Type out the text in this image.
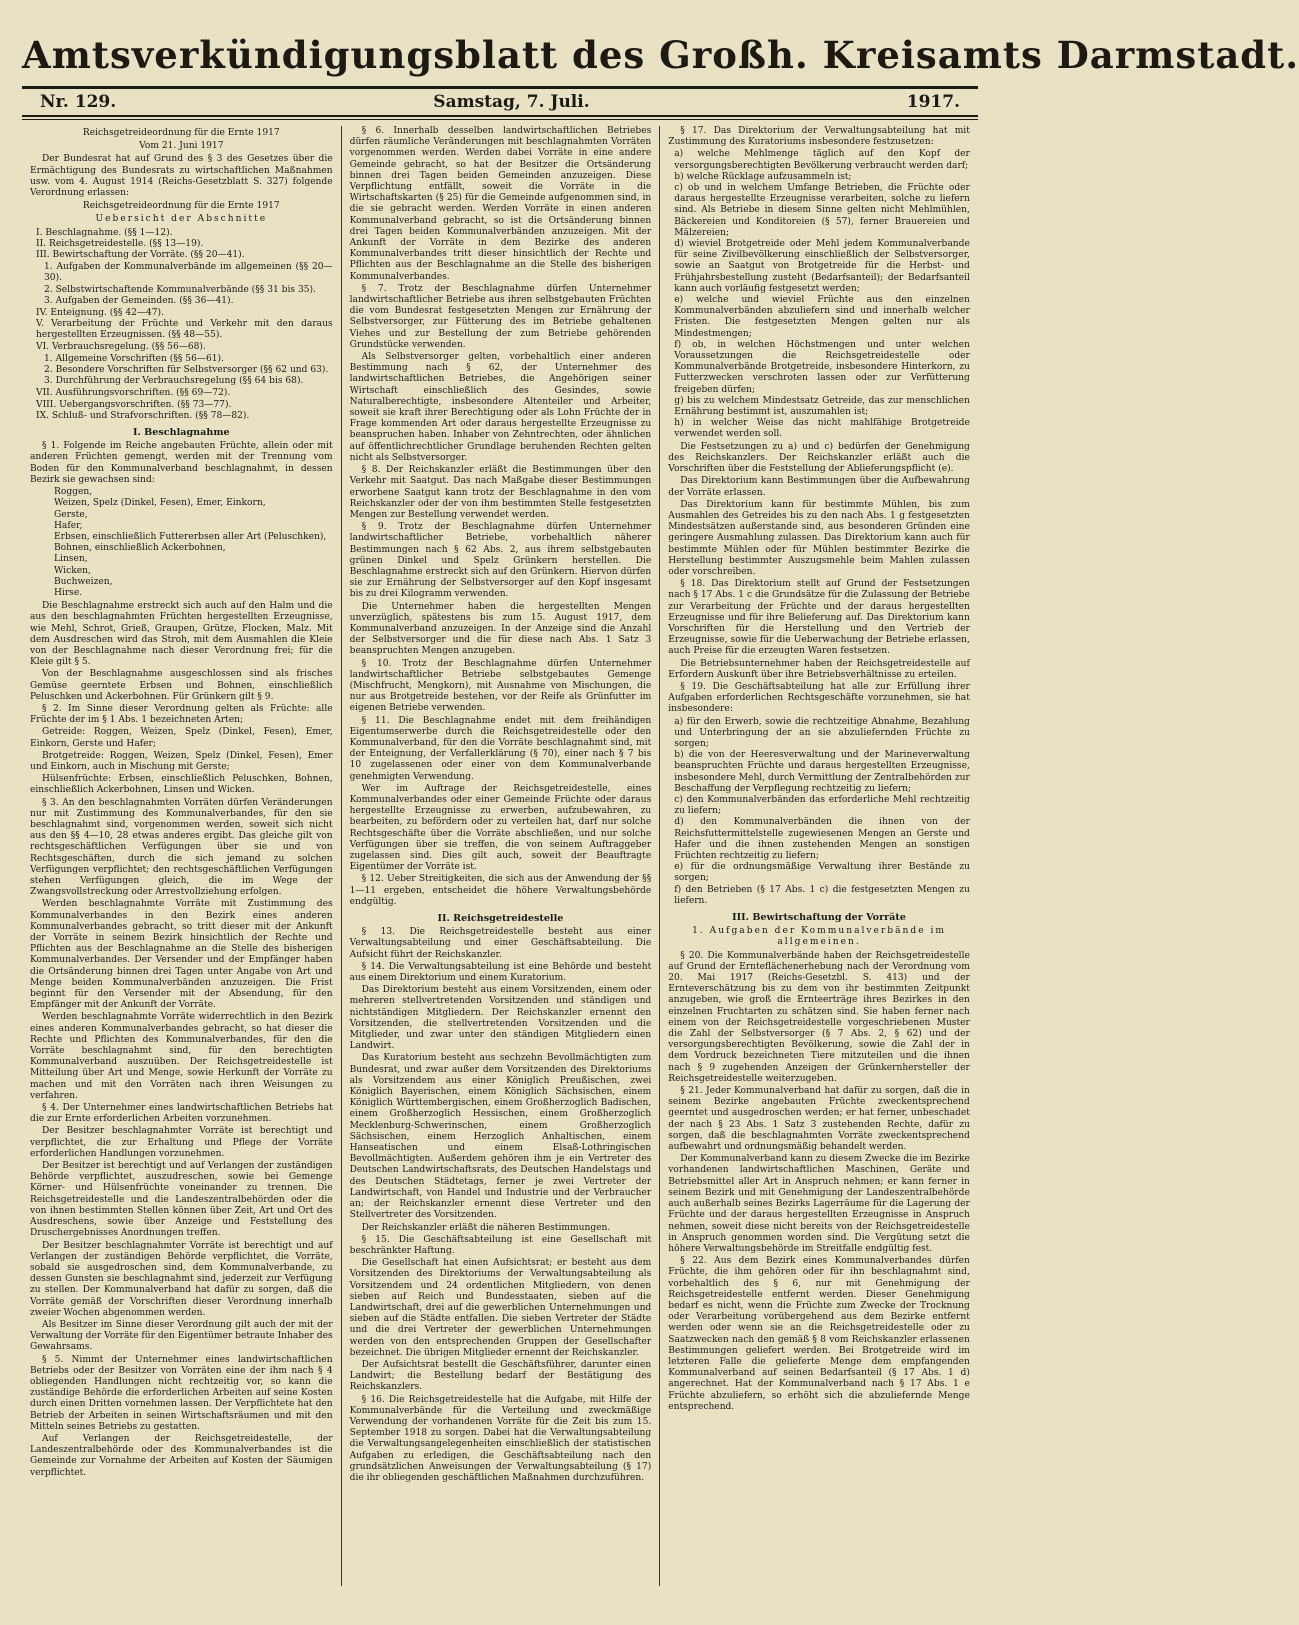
Amtsverkündigungsblatt des Großh. Kreisamts Darmstadt.
Nr. 129.	Samstag, 7. Juli.	1917.

Reichsgetreideordnung für die Ernte 1917

Vom 21. Juni 1917

Der Bundesrat hat auf Grund des § 3 des Gesetzes über die Ermächtigung des Bundesrats zu wirtschaftlichen Maßnahmen usw. vom 4. August 1914 (Reichs-Gesetzblatt S. 327) folgende Verordnung erlassen:

Reichsgetreideordnung für die Ernte 1917

Uebersicht der Abschnitte

I. Beschlagnahme. (§§ 1—12).
II. Reichsgetreidestelle. (§§ 13—19).
III. Bewirtschaftung der Vorräte. (§§ 20—41).
1. Aufgaben der Kommunalverbände im allgemeinen (§§ 20—30).
2. Selbstwirtschaftende Kommunalverbände (§§ 31 bis 35).
3. Aufgaben der Gemeinden. (§§ 36—41).
IV. Enteignung. (§§ 42—47).
V. Verarbeitung der Früchte und Verkehr mit den daraus hergestellten Erzeugnissen. (§§ 48—55).
VI. Verbrauchsregelung. (§§ 56—68).
1. Allgemeine Vorschriften (§§ 56—61).
2. Besondere Vorschriften für Selbstversorger (§§ 62 und 63).
3. Durchführung der Verbrauchsregelung (§§ 64 bis 68).
VII. Ausführungsvorschriften. (§§ 69—72).
VIII. Uebergangsvorschriften. (§§ 73—77).
IX. Schluß- und Strafvorschriften. (§§ 78—82).

I. Beschlagnahme

§ 1. Folgende im Reiche angebauten Früchte, allein oder mit anderen Früchten gemengt, werden mit der Trennung vom Boden für den Kommunalverband beschlagnahmt, in dessen Bezirk sie gewachsen sind:

Roggen,
Weizen, Spelz (Dinkel, Fesen), Emer, Einkorn,
Gerste,
Hafer,
Erbsen, einschließlich Futtererbsen aller Art (Peluschken),
Bohnen, einschließlich Ackerbohnen,
Linsen,
Wicken,
Buchweizen,
Hirse.

Die Beschlagnahme erstreckt sich auch auf den Halm und die aus den beschlagnahmten Früchten hergestellten Erzeugnisse, wie Mehl, Schrot, Grieß, Graupen, Grütze, Flocken, Malz. Mit dem Ausdreschen wird das Stroh, mit dem Ausmahlen die Kleie von der Beschlagnahme nach dieser Verordnung frei; für die Kleie gilt § 5.

Von der Beschlagnahme ausgeschlossen sind als frisches Gemüse geerntete Erbsen und Bohnen, einschließlich Peluschken und Ackerbohnen. Für Grünkern gilt § 9.

§ 2. Im Sinne dieser Verordnung gelten als Früchte: alle Früchte der im § 1 Abs. 1 bezeichneten Arten;

Getreide: Roggen, Weizen, Spelz (Dinkel, Fesen), Emer, Einkorn, Gerste und Hafer;

Brotgetreide: Roggen, Weizen, Spelz (Dinkel, Fesen), Emer und Einkorn, auch in Mischung mit Gerste;

Hülsenfrüchte: Erbsen, einschließlich Peluschken, Bohnen, einschließlich Ackerbohnen, Linsen und Wicken.

§ 3. An den beschlagnahmten Vorräten dürfen Veränderungen nur mit Zustimmung des Kommunalverbandes, für den sie beschlagnahmt sind, vorgenommen werden, soweit sich nicht aus den §§ 4—10, 28 etwas anderes ergibt. Das gleiche gilt von rechtsgeschäftlichen Verfügungen über sie und von Rechtsgeschäften, durch die sich jemand zu solchen Verfügungen verpflichtet; den rechtsgeschäftlichen Verfügungen stehen Verfügungen gleich, die im Wege der Zwangsvollstreckung oder Arrestvollziehung erfolgen.

Werden beschlagnahmte Vorräte mit Zustimmung des Kommunalverbandes in den Bezirk eines anderen Kommunalverbandes gebracht, so tritt dieser mit der Ankunft der Vorräte in seinem Bezirk hinsichtlich der Rechte und Pflichten aus der Beschlagnahme an die Stelle des bisherigen Kommunalverbandes. Der Versender und der Empfänger haben die Ortsänderung binnen drei Tagen unter Angabe von Art und Menge beiden Kommunalverbänden anzuzeigen. Die Frist beginnt für den Versender mit der Absendung, für den Empfänger mit der Ankunft der Vorräte.

Werden beschlagnahmte Vorräte widerrechtlich in den Bezirk eines anderen Kommunalverbandes gebracht, so hat dieser die Rechte und Pflichten des Kommunalverbandes, für den die Vorräte beschlagnahmt sind, für den berechtigten Kommunalverband auszuüben. Der Reichsgetreidestelle ist Mitteilung über Art und Menge, sowie Herkunft der Vorräte zu machen und mit den Vorräten nach ihren Weisungen zu verfahren.

§ 4. Der Unternehmer eines landwirtschaftlichen Betriebs hat die zur Ernte erforderlichen Arbeiten vorzunehmen.

Der Besitzer beschlagnahmter Vorräte ist berechtigt und verpflichtet, die zur Erhaltung und Pflege der Vorräte erforderlichen Handlungen vorzunehmen.

Der Besitzer ist berechtigt und auf Verlangen der zuständigen Behörde verpflichtet, auszudreschen, sowie bei Gemenge Körner- und Hülsenfrüchte voneinander zu trennen. Die Reichsgetreidestelle und die Landeszentralbehörden oder die von ihnen bestimmten Stellen können über Zeit, Art und Ort des Ausdreschens, sowie über Anzeige und Feststellung des Druschergebnisses Anordnungen treffen.

Der Besitzer beschlagnahmter Vorräte ist berechtigt und auf Verlangen der zuständigen Behörde verpflichtet, die Vorräte, sobald sie ausgedroschen sind, dem Kommunalverbande, zu dessen Gunsten sie beschlagnahmt sind, jederzeit zur Verfügung zu stellen. Der Kommunalverband hat dafür zu sorgen, daß die Vorräte gemäß der Vorschriften dieser Verordnung innerhalb zweier Wochen abgenommen werden.

Als Besitzer im Sinne dieser Verordnung gilt auch der mit der Verwaltung der Vorräte für den Eigentümer betraute Inhaber des Gewahrsams.

§ 5. Nimmt der Unternehmer eines landwirtschaftlichen Betriebs oder der Besitzer von Vorräten eine der ihm nach § 4 obliegenden Handlungen nicht rechtzeitig vor, so kann die zuständige Behörde die erforderlichen Arbeiten auf seine Kosten durch einen Dritten vornehmen lassen. Der Verpflichtete hat den Betrieb der Arbeiten in seinen Wirtschaftsräumen und mit den Mitteln seines Betriebs zu gestatten.

Auf Verlangen der Reichsgetreidestelle, der Landeszentralbehörde oder des Kommunalverbandes ist die Gemeinde zur Vornahme der Arbeiten auf Kosten der Säumigen verpflichtet.

§ 6. Innerhalb desselben landwirtschaftlichen Betriebes dürfen räumliche Veränderungen mit beschlagnahmten Vorräten vorgenommen werden. Werden dabei Vorräte in eine andere Gemeinde gebracht, so hat der Besitzer die Ortsänderung binnen drei Tagen beiden Gemeinden anzuzeigen. Diese Verpflichtung entfällt, soweit die Vorräte in die Wirtschaftskarten (§ 25) für die Gemeinde aufgenommen sind, in die sie gebracht werden. Werden Vorräte in einen anderen Kommunalverband gebracht, so ist die Ortsänderung binnen drei Tagen beiden Kommunalverbänden anzuzeigen. Mit der Ankunft der Vorräte in dem Bezirke des anderen Kommunalverbandes tritt dieser hinsichtlich der Rechte und Pflichten aus der Beschlagnahme an die Stelle des bisherigen Kommunalverbandes.

§ 7. Trotz der Beschlagnahme dürfen Unternehmer landwirtschaftlicher Betriebe aus ihren selbstgebauten Früchten die vom Bundesrat festgesetzten Mengen zur Ernährung der Selbstversorger, zur Fütterung des im Betriebe gehaltenen Viehes und zur Bestellung der zum Betriebe gehörenden Grundstücke verwenden.

Als Selbstversorger gelten, vorbehaltlich einer anderen Bestimmung nach § 62, der Unternehmer des landwirtschaftlichen Betriebes, die Angehörigen seiner Wirtschaft einschließlich des Gesindes, sowie Naturalberechtigte, insbesondere Altenteiler und Arbeiter, soweit sie kraft ihrer Berechtigung oder als Lohn Früchte der in Frage kommenden Art oder daraus hergestellte Erzeugnisse zu beanspruchen haben. Inhaber von Zehntrechten, oder ähnlichen auf öffentlichrechtlicher Grundlage beruhenden Rechten gelten nicht als Selbstversorger.

§ 8. Der Reichskanzler erläßt die Bestimmungen über den Verkehr mit Saatgut. Das nach Maßgabe dieser Bestimmungen erworbene Saatgut kann trotz der Beschlagnahme in den vom Reichskanzler oder der von ihm bestimmten Stelle festgesetzten Mengen zur Bestellung verwendet werden.

§ 9. Trotz der Beschlagnahme dürfen Unternehmer landwirtschaftlicher Betriebe, vorbehaltlich näherer Bestimmungen nach § 62 Abs. 2, aus ihrem selbstgebauten grünen Dinkel und Spelz Grünkern herstellen. Die Beschlagnahme erstreckt sich auf den Grünkern. Hiervon dürfen sie zur Ernährung der Selbstversorger auf den Kopf insgesamt bis zu drei Kilogramm verwenden.

Die Unternehmer haben die hergestellten Mengen unverzüglich, spätestens bis zum 15. August 1917, dem Kommunalverband anzuzeigen. In der Anzeige sind die Anzahl der Selbstversorger und die für diese nach Abs. 1 Satz 3 beanspruchten Mengen anzugeben.

§ 10. Trotz der Beschlagnahme dürfen Unternehmer landwirtschaftlicher Betriebe selbstgebautes Gemenge (Mischfrucht, Mengkorn), mit Ausnahme von Mischungen, die nur aus Brotgetreide bestehen, vor der Reife als Grünfutter im eigenen Betriebe verwenden.

§ 11. Die Beschlagnahme endet mit dem freihändigen Eigentumserwerbe durch die Reichsgetreidestelle oder den Kommunalverband, für den die Vorräte beschlagnahmt sind, mit der Enteignung, der Verfallerklärung (§ 70), einer nach § 7 bis 10 zugelassenen oder einer von dem Kommunalverbande genehmigten Verwendung.

Wer im Auftrage der Reichsgetreidestelle, eines Kommunalverbandes oder einer Gemeinde Früchte oder daraus hergestellte Erzeugnisse zu erwerben, aufzubewahren, zu bearbeiten, zu befördern oder zu verteilen hat, darf nur solche Rechtsgeschäfte über die Vorräte abschließen, und nur solche Verfügungen über sie treffen, die von seinem Auftraggeber zugelassen sind. Dies gilt auch, soweit der Beauftragte Eigentümer der Vorräte ist.

§ 12. Ueber Streitigkeiten, die sich aus der Anwendung der §§ 1—11 ergeben, entscheidet die höhere Verwaltungsbehörde endgültig.

II. Reichsgetreidestelle

§ 13. Die Reichsgetreidestelle besteht aus einer Verwaltungsabteilung und einer Geschäftsabteilung. Die Aufsicht führt der Reichskanzler.

§ 14. Die Verwaltungsabteilung ist eine Behörde und besteht aus einem Direktorium und einem Kuratorium.

Das Direktorium besteht aus einem Vorsitzenden, einem oder mehreren stellvertretenden Vorsitzenden und ständigen und nichtständigen Mitgliedern. Der Reichskanzler ernennt den Vorsitzenden, die stellvertretenden Vorsitzenden und die Mitglieder, und zwar unter den ständigen Mitgliedern einen Landwirt.

Das Kuratorium besteht aus sechzehn Bevollmächtigten zum Bundesrat, und zwar außer dem Vorsitzenden des Direktoriums als Vorsitzendem aus einer Königlich Preußischen, zwei Königlich Bayerischen, einem Königlich Sächsischen, einem Königlich Württembergischen, einem Großherzoglich Badischen, einem Großherzoglich Hessischen, einem Großherzoglich Mecklenburg-Schwerinschen, einem Großherzoglich Sächsischen, einem Herzoglich Anhaltischen, einem Hanseatischen und einem Elsaß-Lothringischen Bevollmächtigten. Außerdem gehören ihm je ein Vertreter des Deutschen Landwirtschaftsrats, des Deutschen Handelstags und des Deutschen Städtetags, ferner je zwei Vertreter der Landwirtschaft, von Handel und Industrie und der Verbraucher an; der Reichskanzler ernennt diese Vertreter und den Stellvertreter des Vorsitzenden.

Der Reichskanzler erläßt die näheren Bestimmungen.

§ 15. Die Geschäftsabteilung ist eine Gesellschaft mit beschränkter Haftung.

Die Gesellschaft hat einen Aufsichtsrat; er besteht aus dem Vorsitzenden des Direktoriums der Verwaltungsabteilung als Vorsitzendem und 24 ordentlichen Mitgliedern, von denen sieben auf Reich und Bundesstaaten, sieben auf die Landwirtschaft, drei auf die gewerblichen Unternehmungen und sieben auf die Städte entfallen. Die sieben Vertreter der Städte und die drei Vertreter der gewerblichen Unternehmungen werden von den entsprechenden Gruppen der Gesellschafter bezeichnet. Die übrigen Mitglieder ernennt der Reichskanzler.

Der Aufsichtsrat bestellt die Geschäftsführer, darunter einen Landwirt; die Bestellung bedarf der Bestätigung des Reichskanzlers.

§ 16. Die Reichsgetreidestelle hat die Aufgabe, mit Hilfe der Kommunalverbände für die Verteilung und zweckmäßige Verwendung der vorhandenen Vorräte für die Zeit bis zum 15. September 1918 zu sorgen. Dabei hat die Verwaltungsabteilung die Verwaltungsangelegenheiten einschließlich der statistischen Aufgaben zu erledigen, die Geschäftsabteilung nach den grundsätzlichen Anweisungen der Verwaltungsabteilung (§ 17) die ihr obliegenden geschäftlichen Maßnahmen durchzuführen.

§ 17. Das Direktorium der Verwaltungsabteilung hat mit Zustimmung des Kuratoriums insbesondere festzusetzen:

a) welche Mehlmenge täglich auf den Kopf der versorgungsberechtigten Bevölkerung verbraucht werden darf;
b) welche Rücklage aufzusammeln ist;
c) ob und in welchem Umfange Betrieben, die Früchte oder daraus hergestellte Erzeugnisse verarbeiten, solche zu liefern sind. Als Betriebe in diesem Sinne gelten nicht Mehlmühlen, Bäckereien und Konditoreien (§ 57), ferner Brauereien und Mälzereien;
d) wieviel Brotgetreide oder Mehl jedem Kommunalverbande für seine Zivilbevölkerung einschließlich der Selbstversorger, sowie an Saatgut von Brotgetreide für die Herbst- und Frühjahrsbestellung zusteht (Bedarfsanteil); der Bedarfsanteil kann auch vorläufig festgesetzt werden;
e) welche und wieviel Früchte aus den einzelnen Kommunalverbänden abzuliefern sind und innerhalb welcher Fristen. Die festgesetzten Mengen gelten nur als Mindestmengen;
f) ob, in welchen Höchstmengen und unter welchen Voraussetzungen die Reichsgetreidestelle oder Kommunalverbände Brotgetreide, insbesondere Hinterkorn, zu Futterzwecken verschroten lassen oder zur Verfütterung freigeben dürfen;
g) bis zu welchem Mindestsatz Getreide, das zur menschlichen Ernährung bestimmt ist, auszumahlen ist;
h) in welcher Weise das nicht mahlfähige Brotgetreide verwendet werden soll.

Die Festsetzungen zu a) und c) bedürfen der Genehmigung des Reichskanzlers. Der Reichskanzler erläßt auch die Vorschriften über die Feststellung der Ablieferungspflicht (e).

Das Direktorium kann Bestimmungen über die Aufbewahrung der Vorräte erlassen.

Das Direktorium kann für bestimmte Mühlen, bis zum Ausmahlen des Getreides bis zu den nach Abs. 1 g festgesetzten Mindestsätzen außerstande sind, aus besonderen Gründen eine geringere Ausmahlung zulassen. Das Direktorium kann auch für bestimmte Mühlen oder für Mühlen bestimmter Bezirke die Herstellung bestimmter Auszugsmehle beim Mahlen zulassen oder vorschreiben.

§ 18. Das Direktorium stellt auf Grund der Festsetzungen nach § 17 Abs. 1 c die Grundsätze für die Zulassung der Betriebe zur Verarbeitung der Früchte und der daraus hergestellten Erzeugnisse und für ihre Belieferung auf. Das Direktorium kann Vorschriften für die Herstellung und den Vertrieb der Erzeugnisse, sowie für die Ueberwachung der Betriebe erlassen, auch Preise für die erzeugten Waren festsetzen.

Die Betriebsunternehmer haben der Reichsgetreidestelle auf Erfordern Auskunft über ihre Betriebsverhältnisse zu erteilen.

§ 19. Die Geschäftsabteilung hat alle zur Erfüllung ihrer Aufgaben erforderlichen Rechtsgeschäfte vorzunehmen, sie hat insbesondere:

a) für den Erwerb, sowie die rechtzeitige Abnahme, Bezahlung und Unterbringung der an sie abzuliefernden Früchte zu sorgen;
b) die von der Heeresverwaltung und der Marineverwaltung beanspruchten Früchte und daraus hergestellten Erzeugnisse, insbesondere Mehl, durch Vermittlung der Zentralbehörden zur Beschaffung der Verpflegung rechtzeitig zu liefern;
c) den Kommunalverbänden das erforderliche Mehl rechtzeitig zu liefern;
d) den Kommunalverbänden die ihnen von der Reichsfuttermittelstelle zugewiesenen Mengen an Gerste und Hafer und die ihnen zustehenden Mengen an sonstigen Früchten rechtzeitig zu liefern;
e) für die ordnungsmäßige Verwaltung ihrer Bestände zu sorgen;
f) den Betrieben (§ 17 Abs. 1 c) die festgesetzten Mengen zu liefern.

III. Bewirtschaftung der Vorräte

1. Aufgaben der Kommunalverbände im allgemeinen.

§ 20. Die Kommunalverbände haben der Reichsgetreidestelle auf Grund der Ernteflächenerhebung nach der Verordnung vom 20. Mai 1917 (Reichs-Gesetzbl. S. 413) und der Ernteverschätzung bis zu dem von ihr bestimmten Zeitpunkt anzugeben, wie groß die Ernteerträge ihres Bezirkes in den einzelnen Fruchtarten zu schätzen sind. Sie haben ferner nach einem von der Reichsgetreidestelle vorgeschriebenen Muster die Zahl der Selbstversorger (§ 7 Abs. 2, § 62) und der versorgungsberechtigten Bevölkerung, sowie die Zahl der in dem Vordruck bezeichneten Tiere mitzuteilen und die ihnen nach § 9 zugehenden Anzeigen der Grünkernhersteller der Reichsgetreidestelle weiterzugeben.

§ 21. Jeder Kommunalverband hat dafür zu sorgen, daß die in seinem Bezirke angebauten Früchte zweckentsprechend geerntet und ausgedroschen werden; er hat ferner, unbeschadet der nach § 23 Abs. 1 Satz 3 zustehenden Rechte, dafür zu sorgen, daß die beschlagnahmten Vorräte zweckentsprechend aufbewahrt und ordnungsmäßig behandelt werden.

Der Kommunalverband kann zu diesem Zwecke die im Bezirke vorhandenen landwirtschaftlichen Maschinen, Geräte und Betriebsmittel aller Art in Anspruch nehmen; er kann ferner in seinem Bezirk und mit Genehmigung der Landeszentralbehörde auch außerhalb seines Bezirks Lagerräume für die Lagerung der Früchte und der daraus hergestellten Erzeugnisse in Anspruch nehmen, soweit diese nicht bereits von der Reichsgetreidestelle in Anspruch genommen worden sind. Die Vergütung setzt die höhere Verwaltungsbehörde im Streitfalle endgültig fest.

§ 22. Aus dem Bezirk eines Kommunalverbandes dürfen Früchte, die ihm gehören oder für ihn beschlagnahmt sind, vorbehaltlich des § 6, nur mit Genehmigung der Reichsgetreidestelle entfernt werden. Dieser Genehmigung bedarf es nicht, wenn die Früchte zum Zwecke der Trocknung oder Verarbeitung vorübergehend aus dem Bezirke entfernt werden oder wenn sie an die Reichsgetreidestelle oder zu Saatzwecken nach den gemäß § 8 vom Reichskanzler erlassenen Bestimmungen geliefert werden. Bei Brotgetreide wird im letzteren Falle die gelieferte Menge dem empfangenden Kommunalverband auf seinen Bedarfsanteil (§ 17 Abs. 1 d) angerechnet. Hat der Kommunalverband nach § 17 Abs. 1 e Früchte abzuliefern, so erhöht sich die abzuliefernde Menge entsprechend.
